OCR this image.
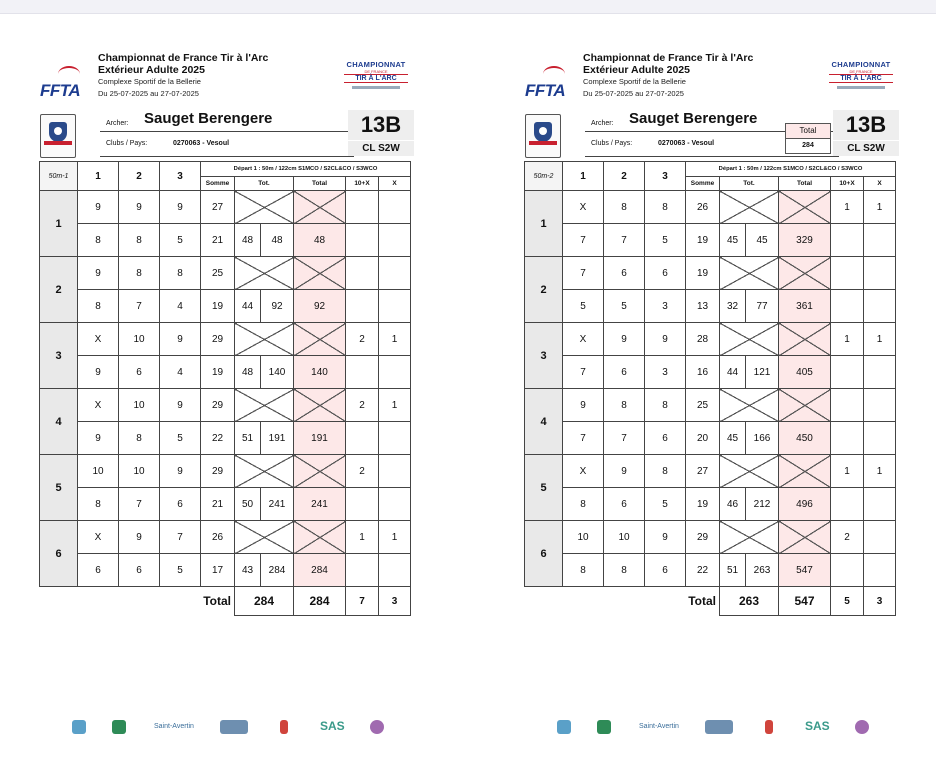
FFTA
Championnat de France Tir à l'Arc
Extérieur Adulte 2025
Complexe Sportif de la Bellerie
Du 25-07-2025 au 27-07-2025
CHAMPIONNAT
DE FRANCE
TIR À L'ARC
Archer: Sauget Berengere
Clubs / Pays:	0270063 - Vesoul
13B
CL S2W
50m-1	1	2	3	Départ 1 : 50m / 122cm S1MCO / S2CL&CO / S3WCO					
				Somme	Tot.		Total	10+X	X
1	9	9	9	27					
	8	8	5	21	48	48	48		
2	9	8	8	25					
	8	7	4	19	44	92	92		
3	X	10	9	29				2	1
	9	6	4	19	48	140	140		
4	X	10	9	29				2	1
	9	8	5	22	51	191	191		
5	10	10	9	29				2	
	8	7	6	21	50	241	241		
6	X	9	7	26				1	1
	6	6	5	17	43	284	284		
			Total		284		284	7	3
Saint-Avertin	SAS
FFTA
Championnat de France Tir à l'Arc
Extérieur Adulte 2025
Complexe Sportif de la Bellerie
Du 25-07-2025 au 27-07-2025
CHAMPIONNAT
DE FRANCE
TIR À L'ARC
Archer: Sauget Berengere
Clubs / Pays:	0270063 - Vesoul
13B
CL S2W
Total
284
50m-2	1	2	3	Départ 1 : 50m / 122cm S1MCO / S2CL&CO / S3WCO					
				Somme	Tot.		Total	10+X	X
1	X	8	8	26				1	1
	7	7	5	19	45	45	329		
2	7	6	6	19					
	5	5	3	13	32	77	361		
3	X	9	9	28				1	1
	7	6	3	16	44	121	405		
4	9	8	8	25					
	7	7	6	20	45	166	450		
5	X	9	8	27				1	1
	8	6	5	19	46	212	496		
6	10	10	9	29				2	
	8	8	6	22	51	263	547		
			Total		263		547	5	3
Saint-Avertin	SAS
